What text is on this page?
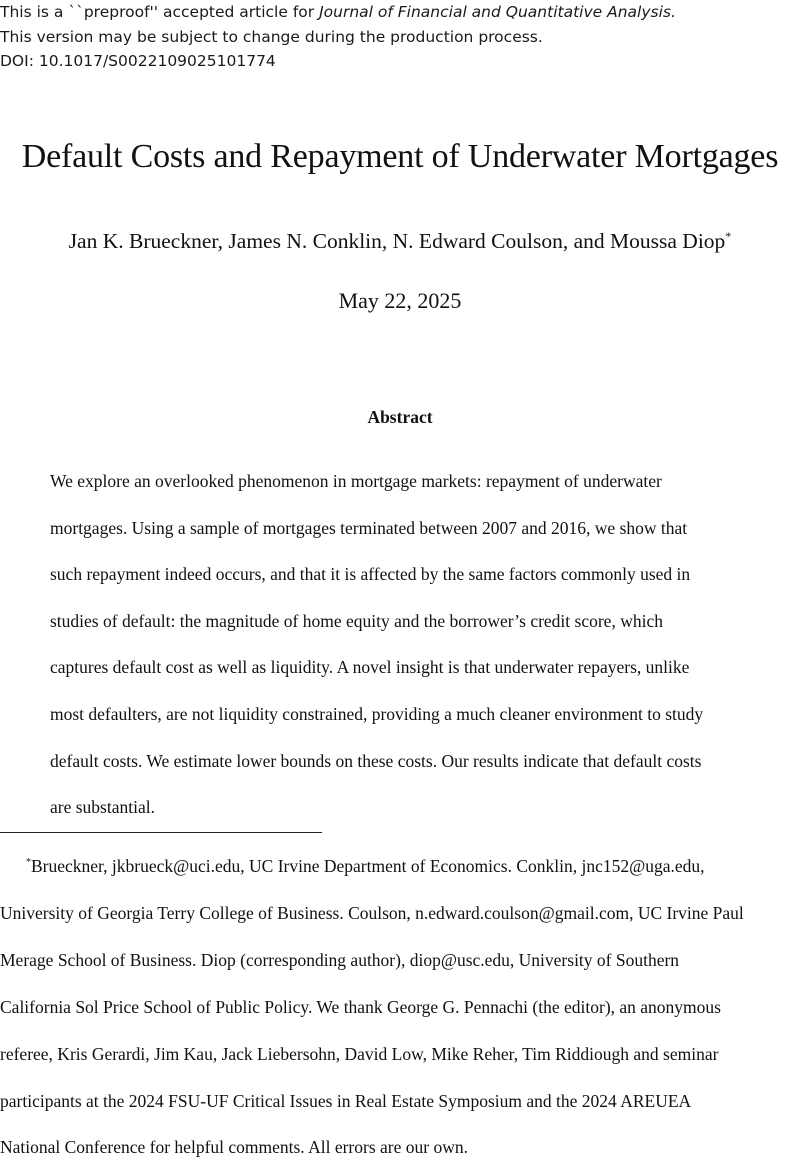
This is a ``preproof'' accepted article for Journal of Financial and Quantitative Analysis.
This version may be subject to change during the production process.
DOI: 10.1017/S0022109025101774
Default Costs and Repayment of Underwater Mortgages
Jan K. Brueckner, James N. Conklin, N. Edward Coulson, and Moussa Diop*
May 22, 2025
Abstract
We explore an overlooked phenomenon in mortgage markets: repayment of underwater
mortgages. Using a sample of mortgages terminated between 2007 and 2016, we show that
such repayment indeed occurs, and that it is affected by the same factors commonly used in
studies of default: the magnitude of home equity and the borrower’s credit score, which
captures default cost as well as liquidity. A novel insight is that underwater repayers, unlike
most defaulters, are not liquidity constrained, providing a much cleaner environment to study
default costs. We estimate lower bounds on these costs. Our results indicate that default costs
are substantial.
*Brueckner, jkbrueck@uci.edu, UC Irvine Department of Economics. Conklin, jnc152@uga.edu,
University of Georgia Terry College of Business. Coulson, n.edward.coulson@gmail.com, UC Irvine Paul
Merage School of Business. Diop (corresponding author), diop@usc.edu, University of Southern
California Sol Price School of Public Policy. We thank George G. Pennachi (the editor), an anonymous
referee, Kris Gerardi, Jim Kau, Jack Liebersohn, David Low, Mike Reher, Tim Riddiough and seminar
participants at the 2024 FSU-UF Critical Issues in Real Estate Symposium and the 2024 AREUEA
National Conference for helpful comments. All errors are our own.
